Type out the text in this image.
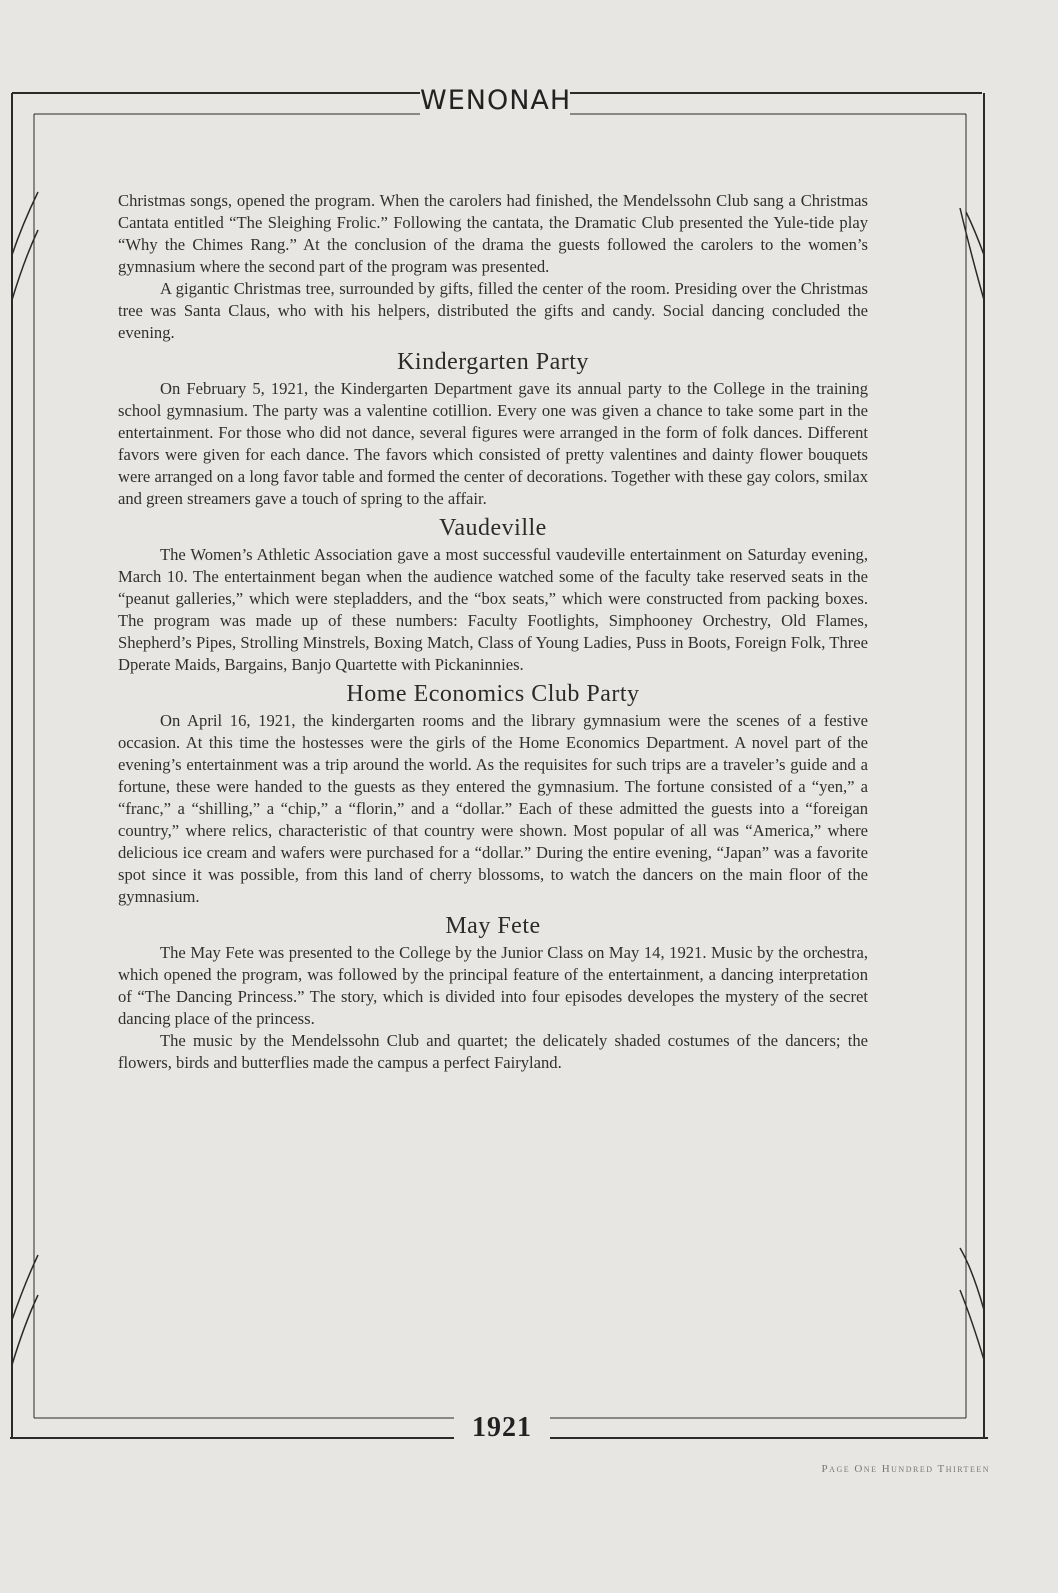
WENONAH

Christmas songs, opened the program. When the carolers had finished, the Mendelssohn Club sang a Christmas Cantata entitled “The Sleighing Frolic.” Following the cantata, the Dramatic Club presented the Yule-tide play “Why the Chimes Rang.” At the conclusion of the drama the guests followed the carolers to the women’s gymnasium where the second part of the program was presented.

A gigantic Christmas tree, surrounded by gifts, filled the center of the room. Presiding over the Christmas tree was Santa Claus, who with his helpers, distributed the gifts and candy. Social dancing concluded the evening.

Kindergarten Party

On February 5, 1921, the Kindergarten Department gave its annual party to the College in the training school gymnasium. The party was a valentine cotillion. Every one was given a chance to take some part in the entertainment. For those who did not dance, several figures were arranged in the form of folk dances. Different favors were given for each dance. The favors which consisted of pretty valentines and dainty flower bouquets were arranged on a long favor table and formed the center of decorations. Together with these gay colors, smilax and green streamers gave a touch of spring to the affair.

Vaudeville

The Women’s Athletic Association gave a most successful vaudeville entertainment on Saturday evening, March 10. The entertainment began when the audience watched some of the faculty take reserved seats in the “peanut galleries,” which were stepladders, and the “box seats,” which were constructed from packing boxes. The program was made up of these numbers: Faculty Footlights, Simphooney Orchestry, Old Flames, Shepherd’s Pipes, Strolling Minstrels, Boxing Match, Class of Young Ladies, Puss in Boots, Foreign Folk, Three Dperate Maids, Bargains, Banjo Quartette with Pickaninnies.

Home Economics Club Party

On April 16, 1921, the kindergarten rooms and the library gymnasium were the scenes of a festive occasion. At this time the hostesses were the girls of the Home Economics Department. A novel part of the evening’s entertainment was a trip around the world. As the requisites for such trips are a traveler’s guide and a fortune, these were handed to the guests as they entered the gymnasium. The fortune consisted of a “yen,” a “franc,” a “shilling,” a “chip,” a “florin,” and a “dollar.” Each of these admitted the guests into a “foreigan country,” where relics, characteristic of that country were shown. Most popular of all was “America,” where delicious ice cream and wafers were purchased for a “dollar.” During the entire evening, “Japan” was a favorite spot since it was possible, from this land of cherry blossoms, to watch the dancers on the main floor of the gymnasium.

May Fete

The May Fete was presented to the College by the Junior Class on May 14, 1921. Music by the orchestra, which opened the program, was followed by the principal feature of the entertainment, a dancing interpretation of “The Dancing Princess.” The story, which is divided into four episodes developes the mystery of the secret dancing place of the princess.

The music by the Mendelssohn Club and quartet; the delicately shaded costumes of the dancers; the flowers, birds and butterflies made the campus a perfect Fairyland.

1921
Page One Hundred Thirteen
